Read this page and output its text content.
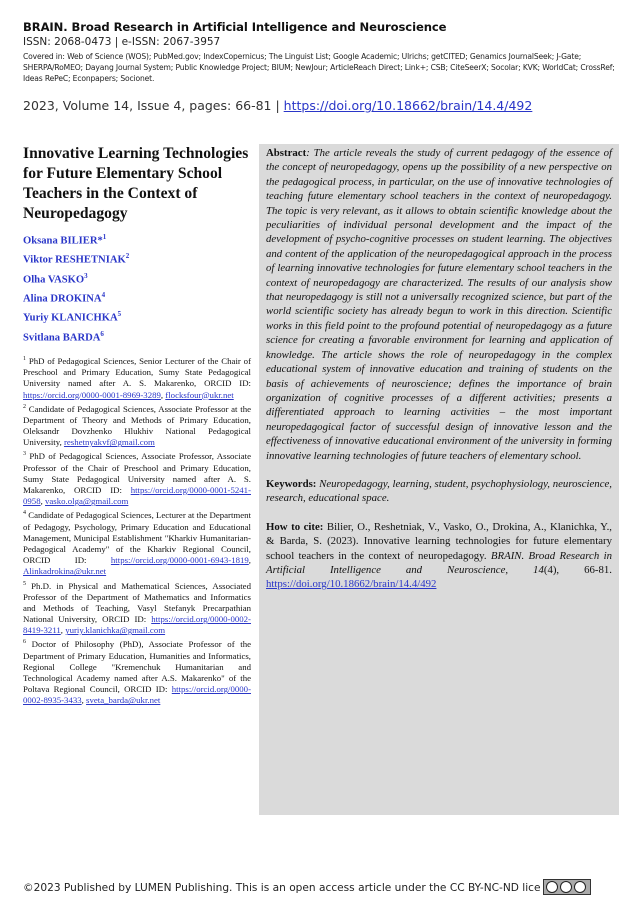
BRAIN. Broad Research in Artificial Intelligence and Neuroscience

ISSN: 2068-0473 | e-ISSN: 2067-3957
Covered in: Web of Science (WOS); PubMed.gov; IndexCopernicus; The Linguist List; Google Academic; Ulrichs; getCITED; Genamics JournalSeek; J-Gate; SHERPA/RoMEO; Dayang Journal System; Public Knowledge Project; BIUM; NewJour; ArticleReach Direct; Link+; CSB; CiteSeerX; Socolar; KVK; WorldCat; CrossRef; Ideas RePeC; Econpapers; Socionet.
2023, Volume 14, Issue 4, pages: 66-81 | https://doi.org/10.18662/brain/14.4/492
Innovative Learning Technologies for Future Elementary School Teachers in the Context of Neuropedagogy
Oksana BILIER*$^1$
Viktor RESHETNIAK$^2$
Olha VASKO$^3$
Alina DROKINA$^4$
Yuriy KLANICHKA$^5$
Svitlana BARDA$^6$

$^1$ PhD of Pedagogical Sciences, Senior Lecturer of the Chair of Preschool and Primary Education, Sumy State Pedagogical University named after A. S. Makarenko, ORCID ID: https://orcid.org/0000-0001-8969-3289, flocksfour@ukr.net

$^2$ Candidate of Pedagogical Sciences, Associate Professor at the Department of Theory and Methods of Primary Education, Oleksandr Dovzhenko Hlukhiv National Pedagogical University, reshetnyakvf@gmail.com

$^3$ PhD of Pedagogical Sciences, Associate Professor, Associate Professor of the Chair of Preschool and Primary Education, Sumy State Pedagogical University named after A. S. Makarenko, ORCID ID: https://orcid.org/0000-0001-5241-0958, vasko.olga@gmail.com

$^4$ Candidate of Pedagogical Sciences, Lecturer at the Department of Pedagogy, Psychology, Primary Education and Educational Management, Municipal Establishment "Kharkiv Humanitarian-Pedagogical Academy" of the Kharkiv Regional Council, ORCID ID: https://orcid.org/0000-0001-6943-1819, Alinkadrokina@ukr.net

$^5$ Ph.D. in Physical and Mathematical Sciences, Associated Professor of the Department of Mathematics and Informatics and Methods of Teaching, Vasyl Stefanyk Precarpathian National University, ORCID ID: https://orcid.org/0000-0002-8419-3211, yuriy.klanichka@gmail.com

$^6$ Doctor of Philosophy (PhD), Associate Professor of the Department of Primary Education, Humanities and Informatics, Regional College "Kremenchuk Humanitarian and Technological Academy named after A.S. Makarenko" of the Poltava Regional Council, ORCID ID: https://orcid.org/0000-0002-8935-3433, sveta_barda@ukr.net

Abstract: The article reveals the study of current pedagogy of the essence of the concept of neuropedagogy, opens up the possibility of a new perspective on the pedagogical process, in particular, on the use of innovative technologies of teaching future elementary school teachers in the context of neuropedagogy. The topic is very relevant, as it allows to obtain scientific knowledge about the peculiarities of individual personal development and the impact of the development of psycho-cognitive processes on student learning. The objectives and content of the application of the neuropedagogical approach in the process of learning innovative technologies for future elementary school teachers in the context of neuropedagogy are characterized. The results of our analysis show that neuropedagogy is still not a universally recognized science, but part of the world scientific society has already begun to work in this direction. Scientific works in this field point to the profound potential of neuropedagogy as a future science for creating a favorable environment for learning and application of knowledge. The article shows the role of neuropedagogy in the complex educational system of innovative education and training of students on the basis of achievements of neuroscience; defines the importance of brain organization of cognitive processes of a different activities; presents a differentiated approach to learning activities – the most important neuropedagogical factor of successful design of innovative lesson and the effectiveness of innovative educational environment of the university in forming innovative learning technologies of future teachers of elementary school.

Keywords: Neuropedagogy, learning, student, psychophysiology, neuroscience, research, educational space.

How to cite: Bilier, O., Reshetniak, V., Vasko, O., Drokina, A., Klanichka, Y., & Barda, S. (2023). Innovative learning technologies for future elementary school teachers in the context of neuropedagogy. BRAIN. Broad Research in Artificial Intelligence and Neuroscience, 14(4), 66-81. https://doi.org/10.18662/brain/14.4/492

©2023 Published by LUMEN Publishing. This is an open access article under the CC BY-NC-ND lice
